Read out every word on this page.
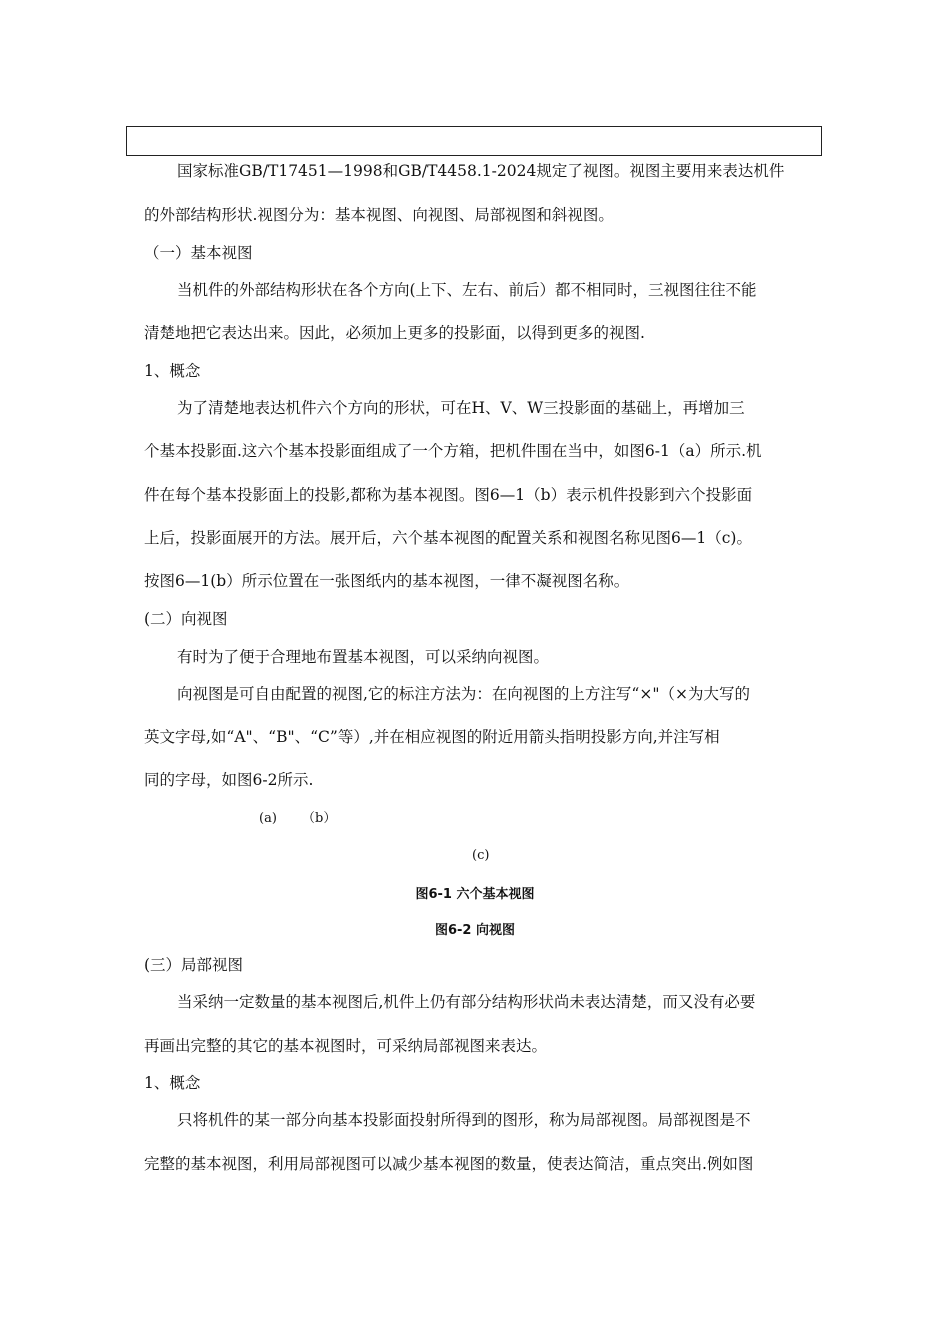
国家标准GB/T17451—1998和GB/T4458.1-2024规定了视图。视图主要用来表达机件
的外部结构形状.视图分为：基本视图、向视图、局部视图和斜视图。
（一）基本视图
当机件的外部结构形状在各个方向(上下、左右、前后）都不相同时，三视图往往不能
清楚地把它表达出来。因此，必须加上更多的投影面，以得到更多的视图.
1、概念
为了清楚地表达机件六个方向的形状，可在H、V、W三投影面的基础上，再增加三
个基本投影面.这六个基本投影面组成了一个方箱，把机件围在当中，如图6-1（a）所示.机
件在每个基本投影面上的投影,都称为基本视图。图6—1（b）表示机件投影到六个投影面
上后，投影面展开的方法。展开后，六个基本视图的配置关系和视图名称见图6—1（c)。
按图6—1(b）所示位置在一张图纸内的基本视图，一律不凝视图名称。
(二）向视图
有时为了便于合理地布置基本视图，可以采纳向视图。
向视图是可自由配置的视图,它的标注方法为：在向视图的上方注写“×"（×为大写的
英文字母,如“A"、“B"、“C”等）,并在相应视图的附近用箭头指明投影方向,并注写相
同的字母，如图6-2所示.
(a) （b）
(c)
图6-1 六个基本视图
图6-2 向视图
(三）局部视图
当采纳一定数量的基本视图后,机件上仍有部分结构形状尚未表达清楚，而又没有必要
再画出完整的其它的基本视图时，可采纳局部视图来表达。
1、概念
只将机件的某一部分向基本投影面投射所得到的图形，称为局部视图。局部视图是不
完整的基本视图，利用局部视图可以减少基本视图的数量，使表达简洁，重点突出.例如图
